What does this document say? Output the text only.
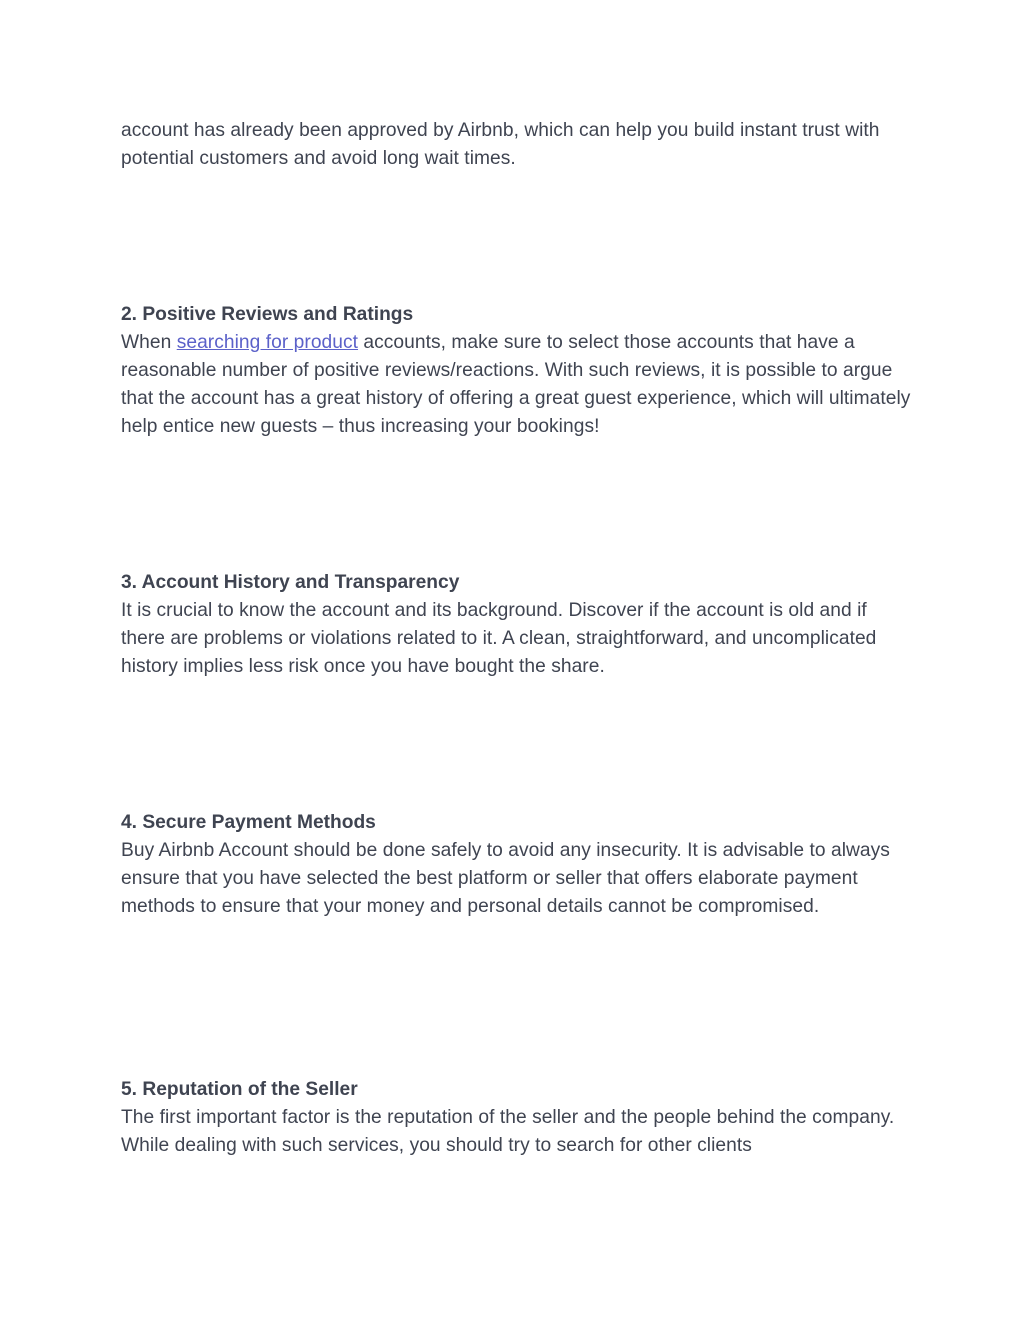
account has already been approved by Airbnb, which can help you build instant trust with potential customers and avoid long wait times.

2. Positive Reviews and Ratings

When searching for product accounts, make sure to select those accounts that have a reasonable number of positive reviews/reactions. With such reviews, it is possible to argue that the account has a great history of offering a great guest experience, which will ultimately help entice new guests – thus increasing your bookings!

3. Account History and Transparency

It is crucial to know the account and its background. Discover if the account is old and if there are problems or violations related to it. A clean, straightforward, and uncomplicated history implies less risk once you have bought the share.

4. Secure Payment Methods

Buy Airbnb Account should be done safely to avoid any insecurity. It is advisable to always ensure that you have selected the best platform or seller that offers elaborate payment methods to ensure that your money and personal details cannot be compromised.

5. Reputation of the Seller

The first important factor is the reputation of the seller and the people behind the company. While dealing with such services, you should try to search for other clients
